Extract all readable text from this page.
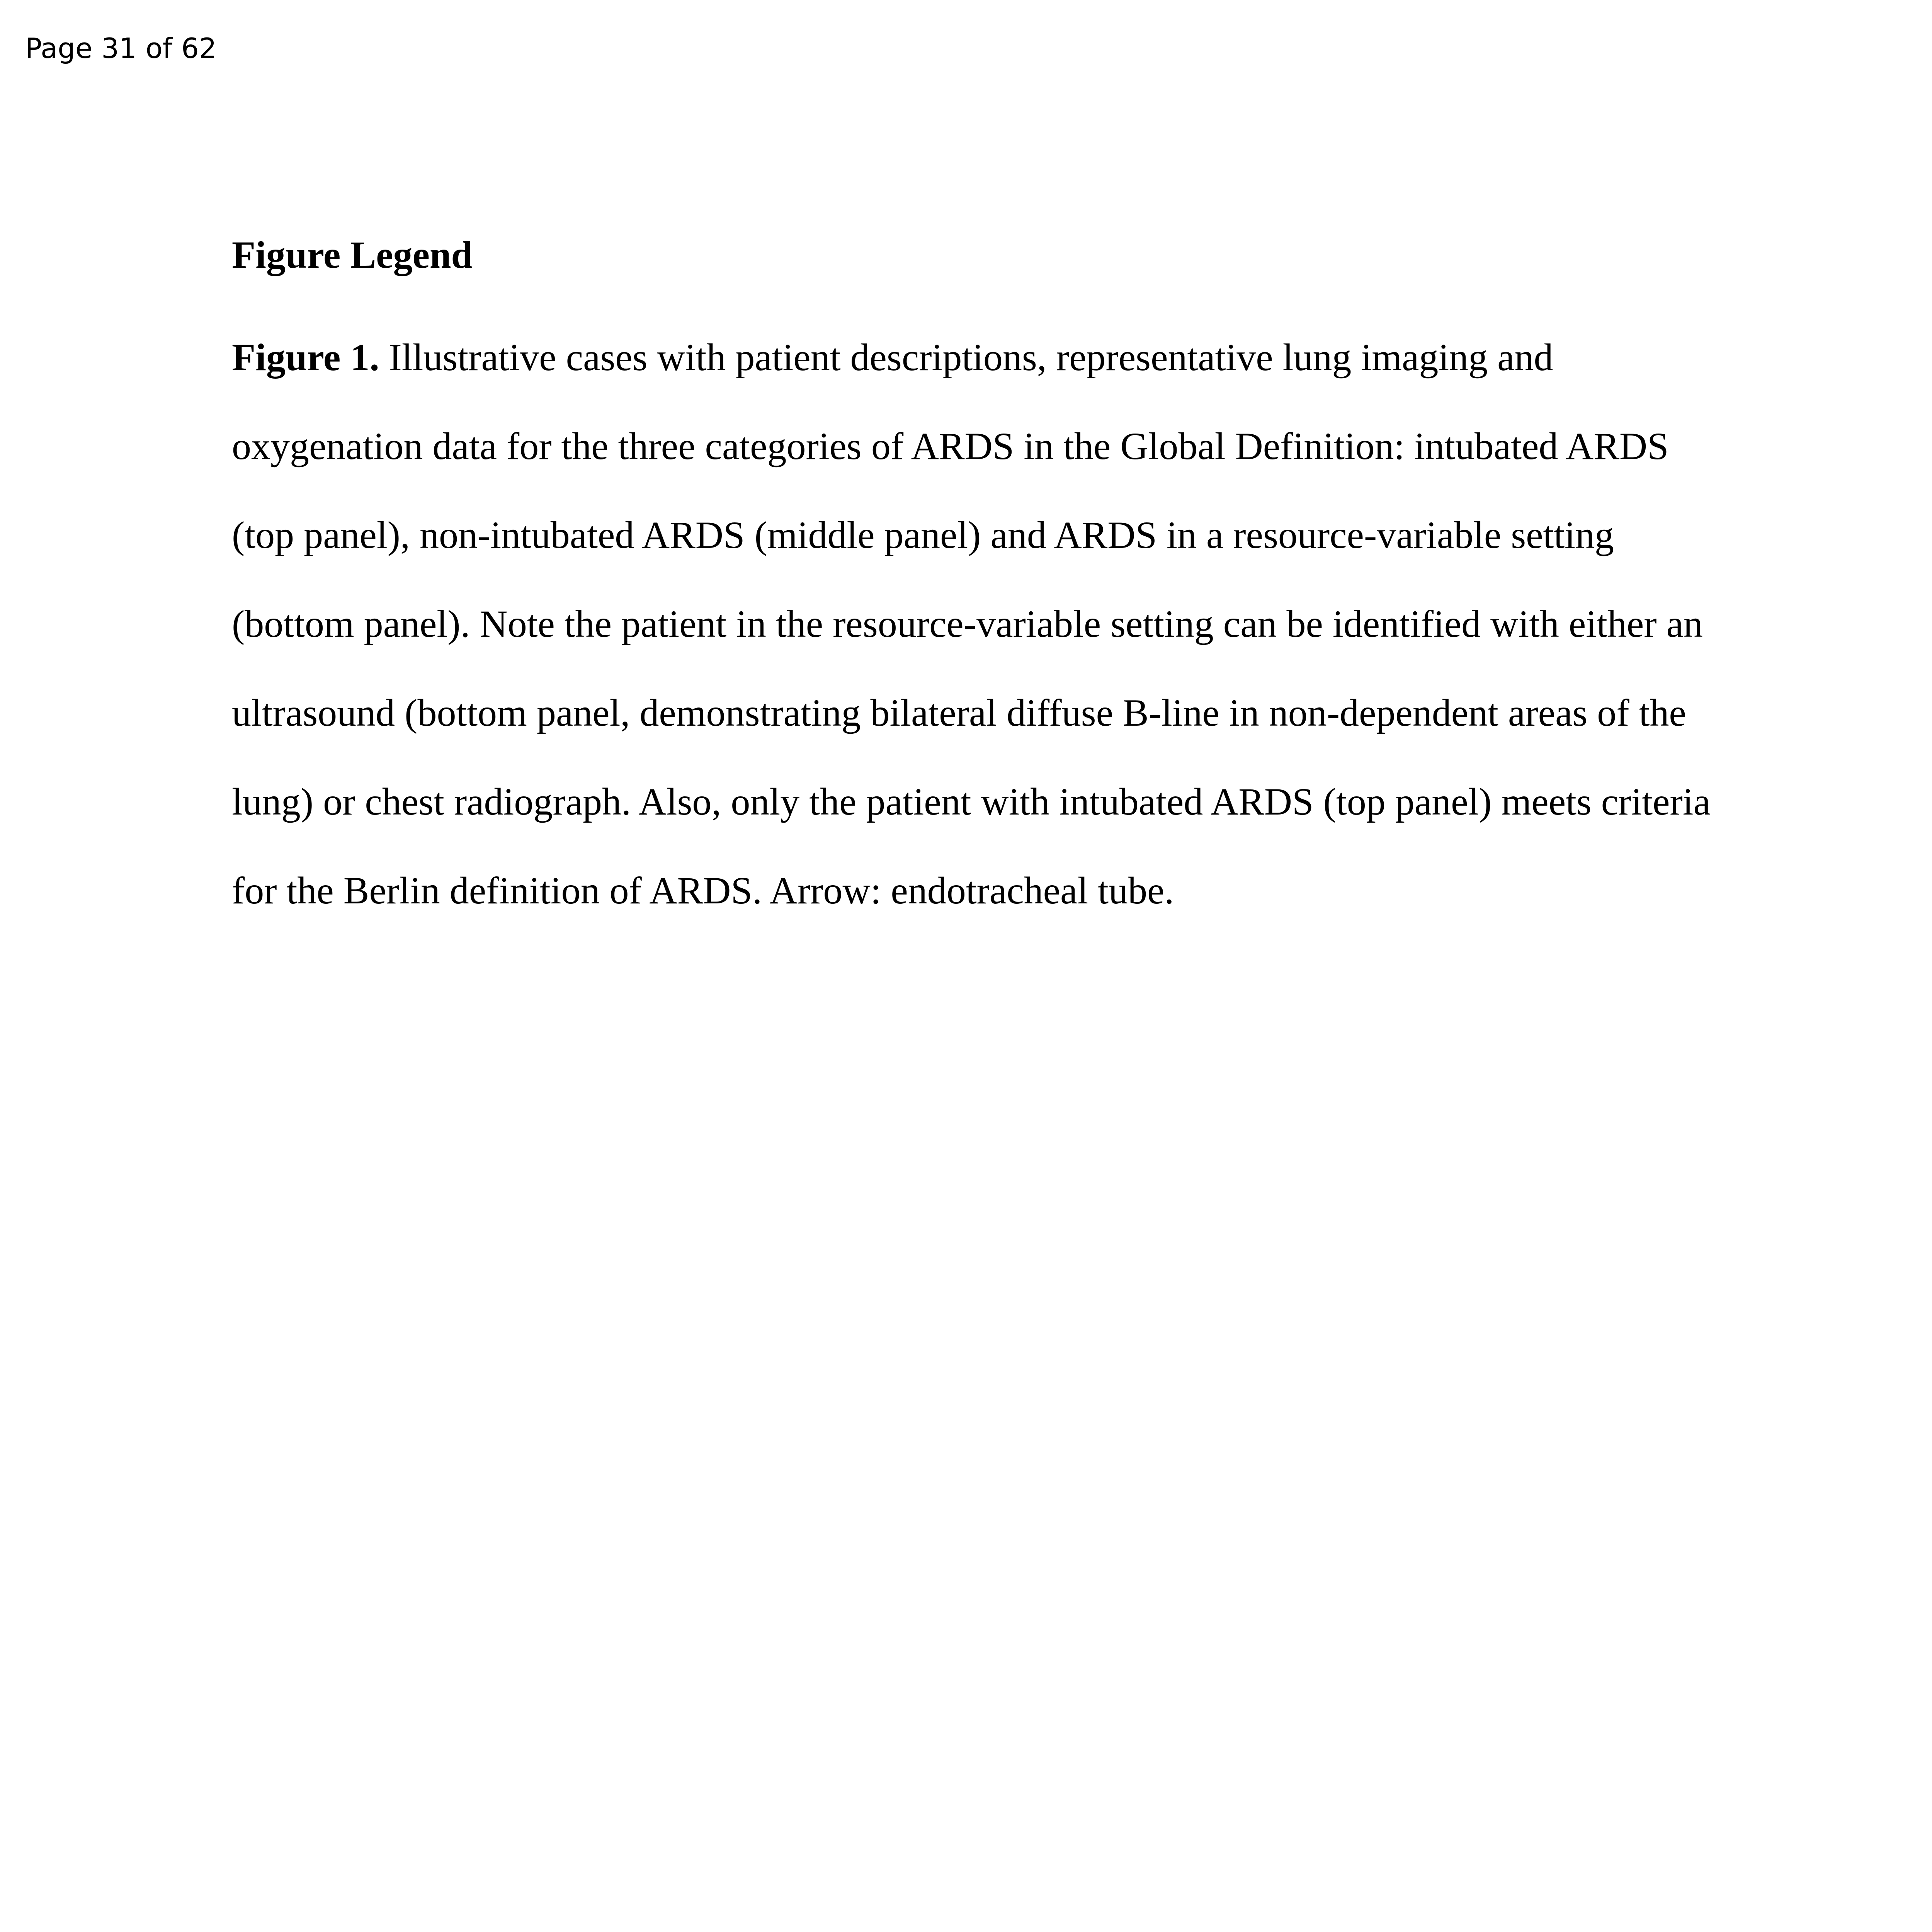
Page 31 of 62

Figure Legend

Figure 1. Illustrative cases with patient descriptions, representative lung imaging and oxygenation data for the three categories of ARDS in the Global Definition: intubated ARDS (top panel), non-intubated ARDS (middle panel) and ARDS in a resource-variable setting (bottom panel). Note the patient in the resource-variable setting can be identified with either an ultrasound (bottom panel, demonstrating bilateral diffuse B-line in non-dependent areas of the lung) or chest radiograph. Also, only the patient with intubated ARDS (top panel) meets criteria for the Berlin definition of ARDS. Arrow: endotracheal tube.
